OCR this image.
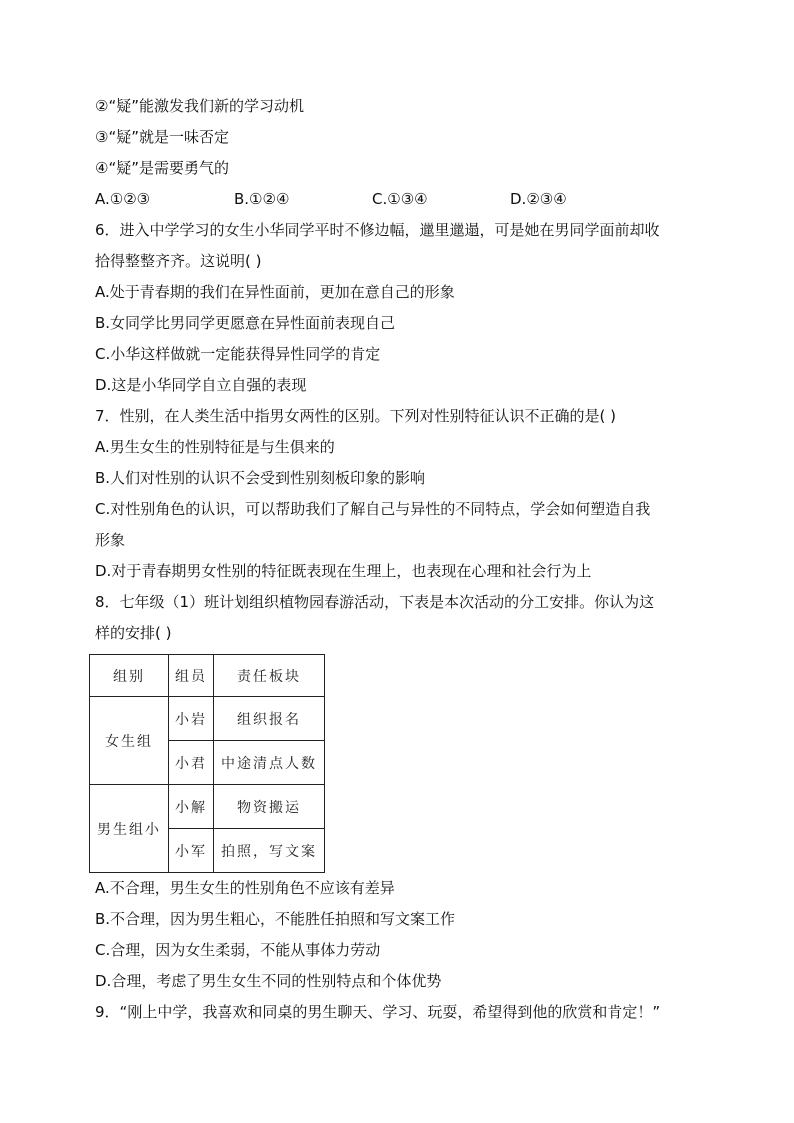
②“疑”能激发我们新的学习动机
③“疑”就是一味否定
④“疑”是需要勇气的
A.①②③	B.①②④	C.①③④	D.②③④
6．进入中学学习的女生小华同学平时不修边幅，邋里邋遢，可是她在男同学面前却收
拾得整整齐齐。这说明( )
A.处于青春期的我们在异性面前，更加在意自己的形象
B.女同学比男同学更愿意在异性面前表现自己
C.小华这样做就一定能获得异性同学的肯定
D.这是小华同学自立自强的表现
7．性别，在人类生活中指男女两性的区别。下列对性别特征认识不正确的是( )
A.男生女生的性别特征是与生俱来的
B.人们对性别的认识不会受到性别刻板印象的影响
C.对性别角色的认识，可以帮助我们了解自己与异性的不同特点，学会如何塑造自我
形象
D.对于青春期男女性别的特征既表现在生理上，也表现在心理和社会行为上
8．七年级（1）班计划组织植物园春游活动，下表是本次活动的分工安排。你认为这
样的安排( )
组别	组员	责任板块
女生组	小岩	组织报名
	小君	中途清点人数
男生组小	小解	物资搬运
	小军	拍照，写文案
A.不合理，男生女生的性别角色不应该有差异
B.不合理，因为男生粗心，不能胜任拍照和写文案工作
C.合理，因为女生柔弱，不能从事体力劳动
D.合理，考虑了男生女生不同的性别特点和个体优势
9．“刚上中学，我喜欢和同桌的男生聊天、学习、玩耍，希望得到他的欣赏和肯定！”
